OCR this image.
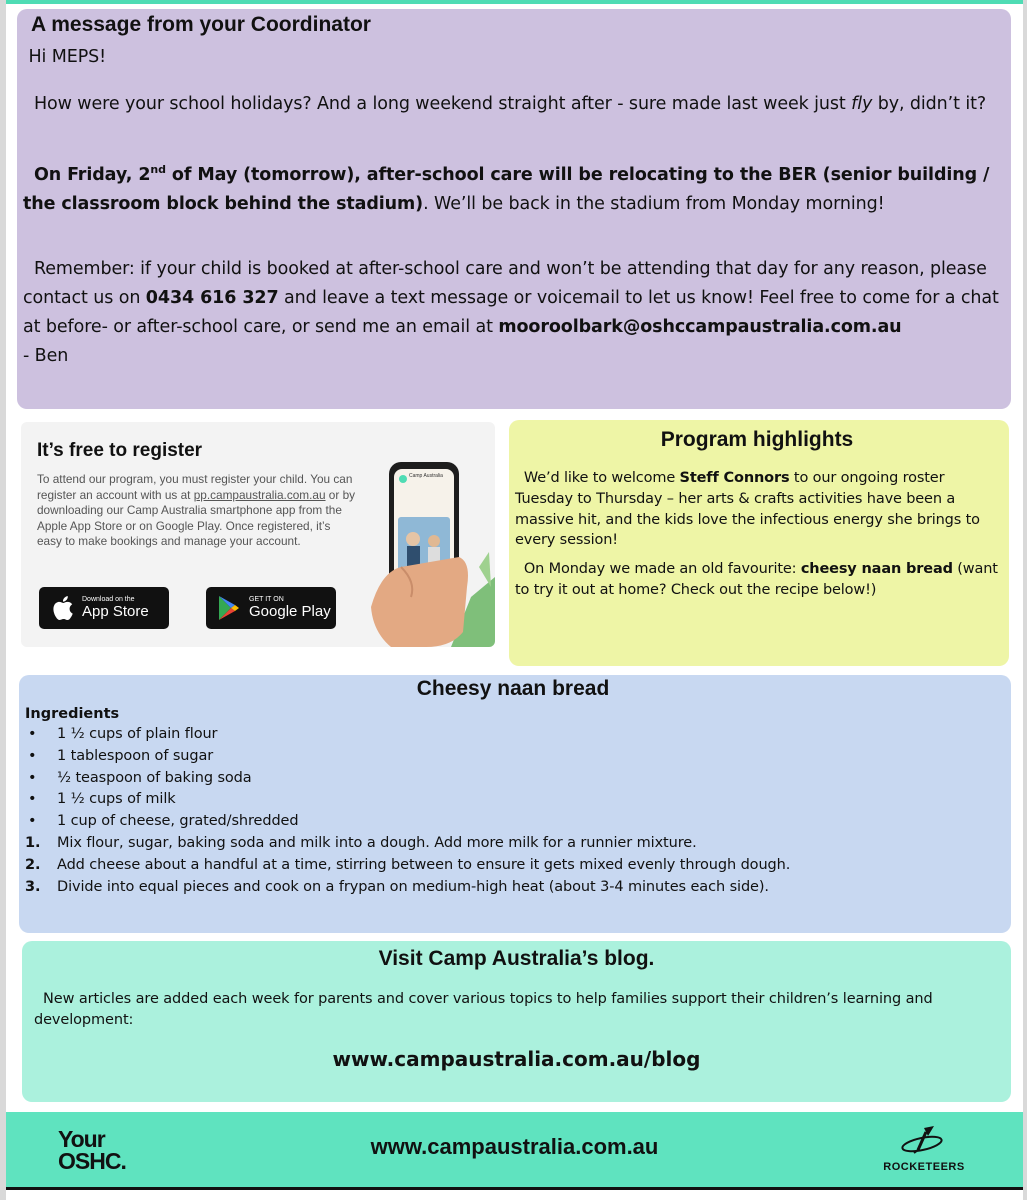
A message from your Coordinator

Hi MEPS!

How were your school holidays? And a long weekend straight after - sure made last week just fly by, didn’t it?

On Friday, 2nd of May (tomorrow), after-school care will be relocating to the BER (senior building / the classroom block behind the stadium). We’ll be back in the stadium from Monday morning!

Remember: if your child is booked at after-school care and won’t be attending that day for any reason, please contact us on 0434 616 327 and leave a text message or voicemail to let us know! Feel free to come for a chat at before- or after-school care, or send me an email at mooroolbark@oshccampaustralia.com.au

- Ben

It’s free to register
To attend our program, you must register your child. You can register an account with us at pp.campaustralia.com.au or by downloading our Camp Australia smartphone app from the Apple App Store or on Google Play. Once registered, it’s easy to make bookings and manage your account.
Download on the
App Store
GET IT ON
Google Play
Camp Australia
Program highlights

We’d like to welcome Steff Connors to our ongoing roster Tuesday to Thursday – her arts & crafts activities have been a massive hit, and the kids love the infectious energy she brings to every session!

On Monday we made an old favourite: cheesy naan bread (want to try it out at home? Check out the recipe below!)

Cheesy naan bread
Ingredients
•	1 ½ cups of plain flour
•	1 tablespoon of sugar
•	½ teaspoon of baking soda
•	1 ½ cups of milk
•	1 cup of cheese, grated/shredded
1.	Mix flour, sugar, baking soda and milk into a dough. Add more milk for a runnier mixture.
2.	Add cheese about a handful at a time, stirring between to ensure it gets mixed evenly through dough.
3.	Divide into equal pieces and cook on a frypan on medium-high heat (about 3-4 minutes each side).
Visit Camp Australia’s blog.

New articles are added each week for parents and cover various topics to help families support their children’s learning and development:

www.campaustralia.com.au/blog
Your
OSHC.
www.campaustralia.com.au
ROCKETEERS
